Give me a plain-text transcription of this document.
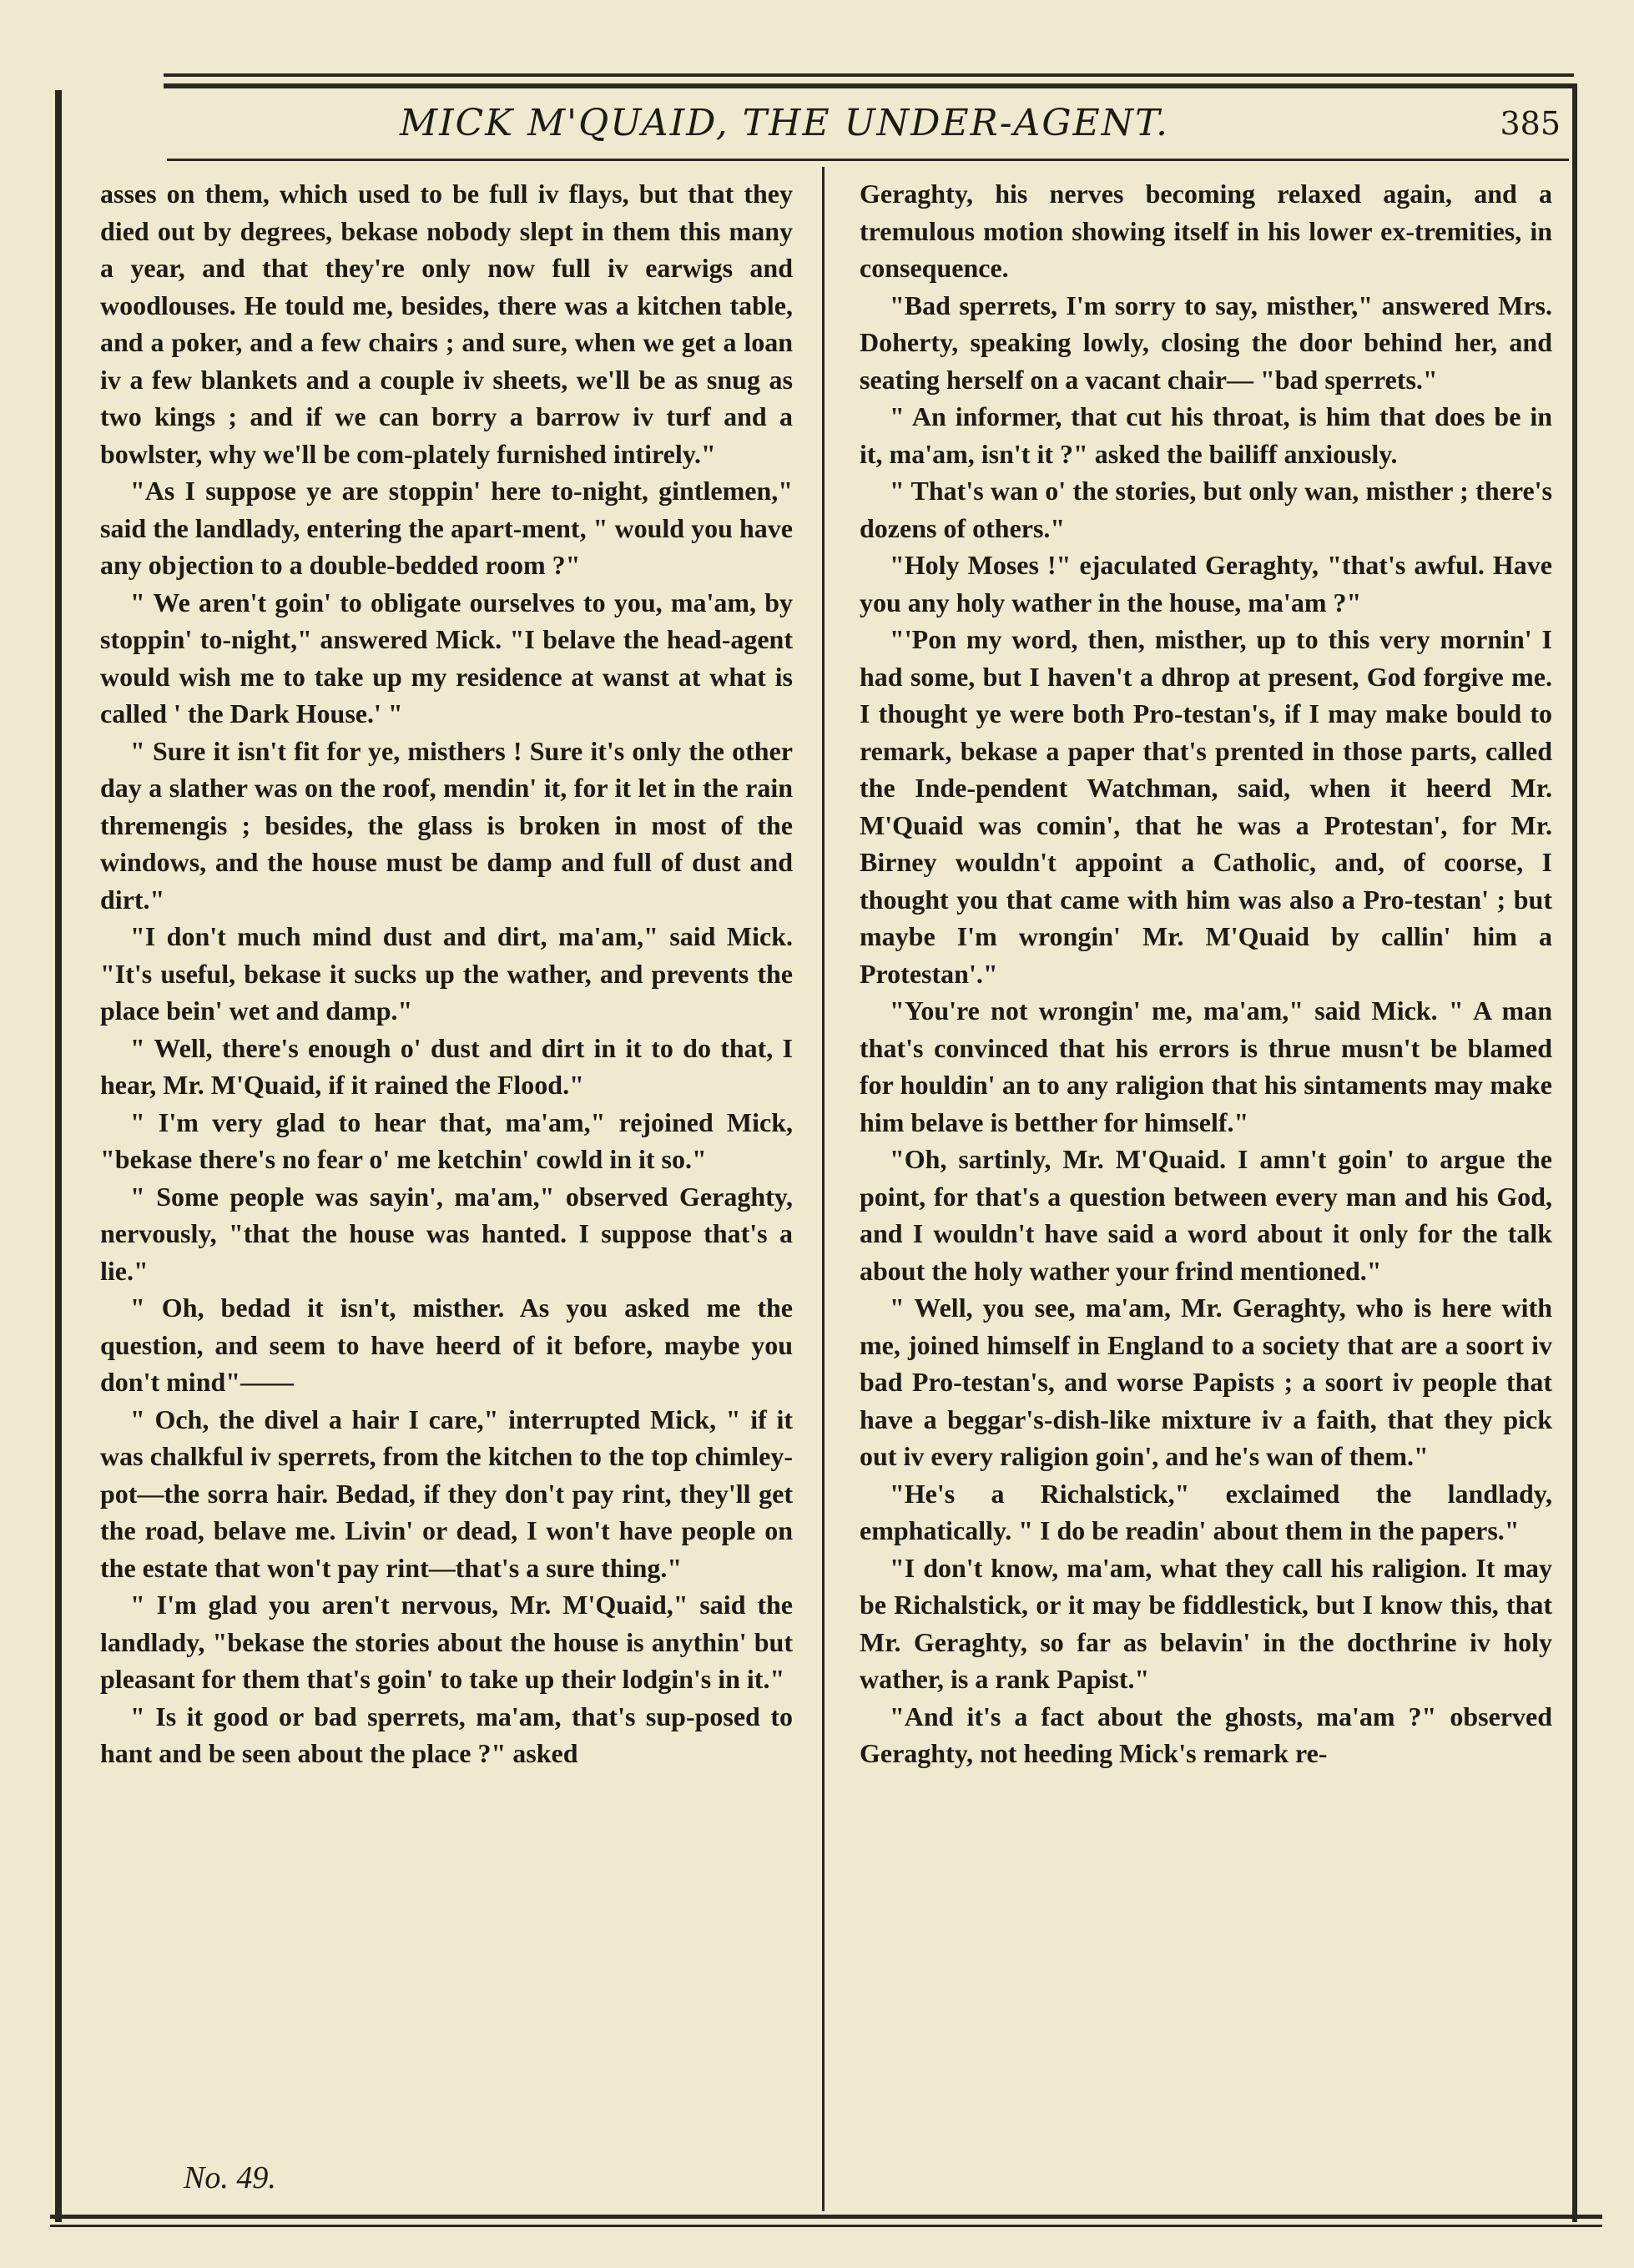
MICK M'QUAID, THE UNDER-AGENT.	385

asses on them, which used to be full iv flays, but that they died out by degrees, bekase nobody slept in them this many a year, and that they're only now full iv earwigs and woodlouses. He tould me, besides, there was a kitchen table, and a poker, and a few chairs ; and sure, when we get a loan iv a few blankets and a couple iv sheets, we'll be as snug as two kings ; and if we can borry a barrow iv turf and a bowlster, why we'll be com-plately furnished intirely."

"As I suppose ye are stoppin' here to-night, gintlemen," said the landlady, entering the apart-ment, " would you have any objection to a double-bedded room ?"

" We aren't goin' to obligate ourselves to you, ma'am, by stoppin' to-night," answered Mick. "I belave the head-agent would wish me to take up my residence at wanst at what is called ' the Dark House.' "

" Sure it isn't fit for ye, misthers ! Sure it's only the other day a slather was on the roof, mendin' it, for it let in the rain thremengis ; besides, the glass is broken in most of the windows, and the house must be damp and full of dust and dirt."

"I don't much mind dust and dirt, ma'am," said Mick. "It's useful, bekase it sucks up the wather, and prevents the place bein' wet and damp."

" Well, there's enough o' dust and dirt in it to do that, I hear, Mr. M'Quaid, if it rained the Flood."

" I'm very glad to hear that, ma'am," rejoined Mick, "bekase there's no fear o' me ketchin' cowld in it so."

" Some people was sayin', ma'am," observed Geraghty, nervously, "that the house was hanted. I suppose that's a lie."

" Oh, bedad it isn't, misther. As you asked me the question, and seem to have heerd of it before, maybe you don't mind"——

" Och, the divel a hair I care," interrupted Mick, " if it was chalkful iv sperrets, from the kitchen to the top chimley-pot—the sorra hair. Bedad, if they don't pay rint, they'll get the road, belave me. Livin' or dead, I won't have people on the estate that won't pay rint—that's a sure thing."

" I'm glad you aren't nervous, Mr. M'Quaid," said the landlady, "bekase the stories about the house is anythin' but pleasant for them that's goin' to take up their lodgin's in it."

" Is it good or bad sperrets, ma'am, that's sup-posed to hant and be seen about the place ?" asked

Geraghty, his nerves becoming relaxed again, and a tremulous motion showing itself in his lower ex-tremities, in consequence.

"Bad sperrets, I'm sorry to say, misther," answered Mrs. Doherty, speaking lowly, closing the door behind her, and seating herself on a vacant chair— "bad sperrets."

" An informer, that cut his throat, is him that does be in it, ma'am, isn't it ?" asked the bailiff anxiously.

" That's wan o' the stories, but only wan, misther ; there's dozens of others."

"Holy Moses !" ejaculated Geraghty, "that's awful. Have you any holy wather in the house, ma'am ?"

"'Pon my word, then, misther, up to this very mornin' I had some, but I haven't a dhrop at present, God forgive me. I thought ye were both Pro-testan's, if I may make bould to remark, bekase a paper that's prented in those parts, called the Inde-pendent Watchman, said, when it heerd Mr. M'Quaid was comin', that he was a Protestan', for Mr. Birney wouldn't appoint a Catholic, and, of coorse, I thought you that came with him was also a Pro-testan' ; but maybe I'm wrongin' Mr. M'Quaid by callin' him a Protestan'."

"You're not wrongin' me, ma'am," said Mick. " A man that's convinced that his errors is thrue musn't be blamed for houldin' an to any raligion that his sintaments may make him belave is betther for himself."

"Oh, sartinly, Mr. M'Quaid. I amn't goin' to argue the point, for that's a question between every man and his God, and I wouldn't have said a word about it only for the talk about the holy wather your frind mentioned."

" Well, you see, ma'am, Mr. Geraghty, who is here with me, joined himself in England to a society that are a soort iv bad Pro-testan's, and worse Papists ; a soort iv people that have a beggar's-dish-like mixture iv a faith, that they pick out iv every raligion goin', and he's wan of them."

"He's a Richalstick," exclaimed the landlady, emphatically. " I do be readin' about them in the papers."

"I don't know, ma'am, what they call his raligion. It may be Richalstick, or it may be fiddlestick, but I know this, that Mr. Geraghty, so far as belavin' in the docthrine iv holy wather, is a rank Papist."

"And it's a fact about the ghosts, ma'am ?" observed Geraghty, not heeding Mick's remark re-

No. 49.
